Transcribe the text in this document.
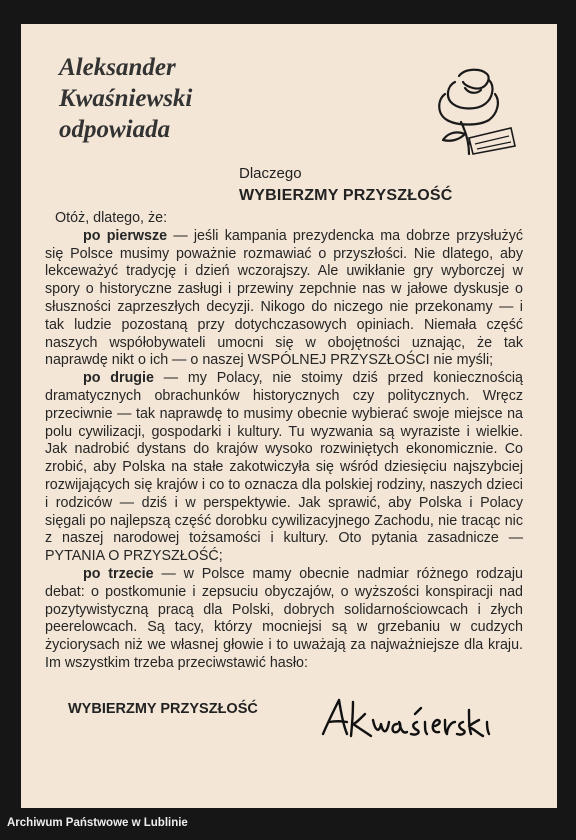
Aleksander
Kwaśniewski
odpowiada
Dlaczego
WYBIERZMY PRZYSZŁOŚĆ

Otóż, dlatego, że:

po pierwsze — jeśli kampania prezydencka ma dobrze przysłużyć się Polsce musimy poważnie rozmawiać o przyszłości. Nie dlatego, aby lekceważyć tradycję i dzień wczorajszy. Ale uwikłanie gry wyborczej w spory o historyczne zasługi i przewiny zepchnie nas w jałowe dyskusje o słuszności zaprzeszłych decyzji. Nikogo do niczego nie przekonamy — i tak ludzie pozostaną przy dotychczasowych opiniach. Niemała część naszych współobywateli umocni się w obojętności uznając, że tak naprawdę nikt o ich — o naszej WSPÓLNEJ PRZYSZŁOŚCI nie myśli;

po drugie — my Polacy, nie stoimy dziś przed koniecznością dramatycznych obrachunków historycznych czy politycznych. Wręcz przeciwnie — tak naprawdę to musimy obecnie wybierać swoje miejsce na polu cywilizacji, gospodarki i kultury. Tu wyzwania są wyraziste i wielkie. Jak nadrobić dystans do krajów wysoko rozwiniętych ekonomicznie. Co zrobić, aby Polska na stałe zakotwiczyła się wśród dziesięciu najszybciej rozwijających się krajów i co to oznacza dla polskiej rodziny, naszych dzieci i rodziców — dziś i w perspektywie. Jak sprawić, aby Polska i Polacy sięgali po najlepszą część dorobku cywilizacyjnego Zachodu, nie tracąc nic z naszej narodowej tożsamości i kultury. Oto pytania zasadnicze — PYTANIA O PRZYSZŁOŚĆ;

po trzecie — w Polsce mamy obecnie nadmiar różnego rodzaju debat: o postkomunie i zepsuciu obyczajów, o wyższości konspiracji nad pozytywistyczną pracą dla Polski, dobrych solidarnościowcach i złych peerelowcach. Są tacy, którzy mocniejsi są w grzebaniu w cudzych życiorysach niż we własnej głowie i to uważają za najważniejsze dla kraju. Im wszystkim trzeba przeciwstawić hasło:

WYBIERZMY PRZYSZŁOŚĆ
Archiwum Państwowe w Lublinie
